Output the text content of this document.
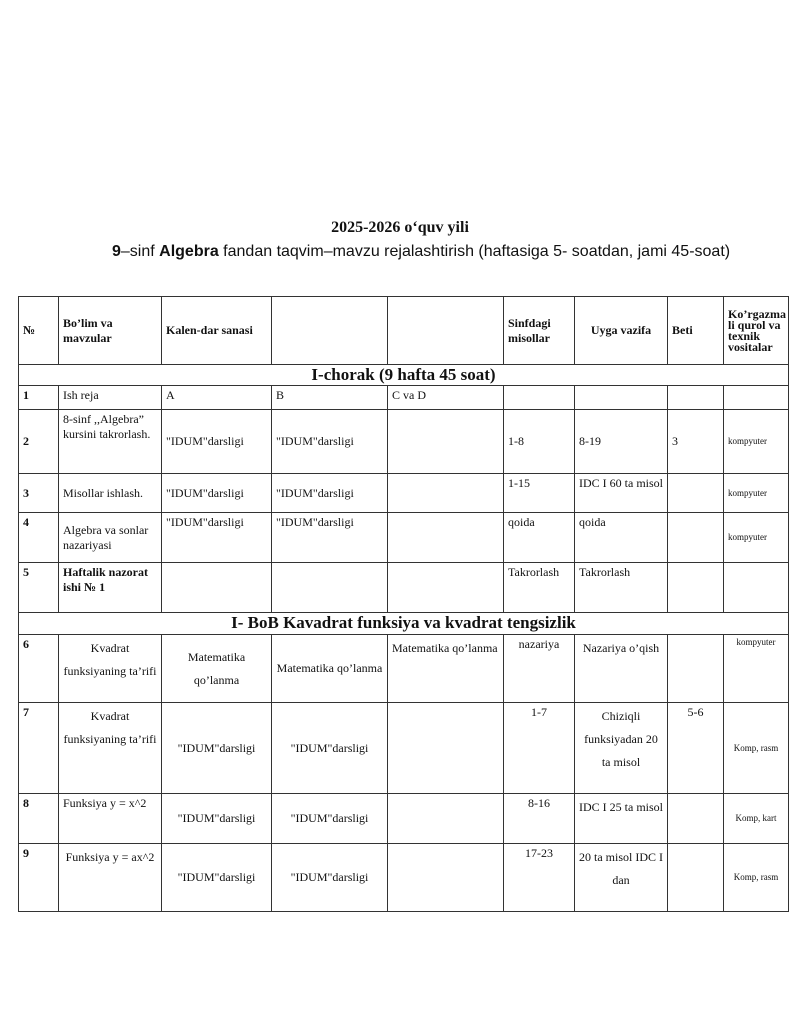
2025-2026 o‘quv yili
9–sinf Algebra fandan taqvim–mavzu rejalashtirish (haftasiga 5- soatdan, jami 45-soat)
№	Bo’lim va mavzular	Kalen-dar sanasi			Sinfdagi misollar	Uyga vazifa	Beti	Ko’rgazma li qurol va texnik vositalar
I-chorak (9 hafta 45 soat)								
1	Ish reja	A	B	C va D				
2	8-sinf ,,Algebra” kursini takrorlash.	"IDUM"darsligi	"IDUM"darsligi		1-8	8-19	3	kompyuter
3	Misollar ishlash.	"IDUM"darsligi	"IDUM"darsligi		1-15	IDC I 60 ta misol		kompyuter
4	Algebra va sonlar nazariyasi	"IDUM"darsligi	"IDUM"darsligi		qoida	qoida		kompyuter
5	Haftalik nazorat ishi № 1				Takrorlash	Takrorlash		
I- BoB Kavadrat funksiya va kvadrat tengsizlik								
6	Kvadrat funksiyaning ta’rifi	Matematika qo’lanma	Matematika qo’lanma	Matematika qo’lanma	nazariya	Nazariya o’qish		kompyuter
7	Kvadrat funksiyaning ta’rifi	"IDUM"darsligi	"IDUM"darsligi		1-7	Chiziqli funksiyadan 20 ta misol	5-6	Komp, rasm
8	Funksiya y = x^2	"IDUM"darsligi	"IDUM"darsligi		8-16	IDC I 25 ta misol		Komp, kart
9	Funksiya y = ax^2	"IDUM"darsligi	"IDUM"darsligi		17-23	20 ta misol IDC I dan		Komp, rasm
